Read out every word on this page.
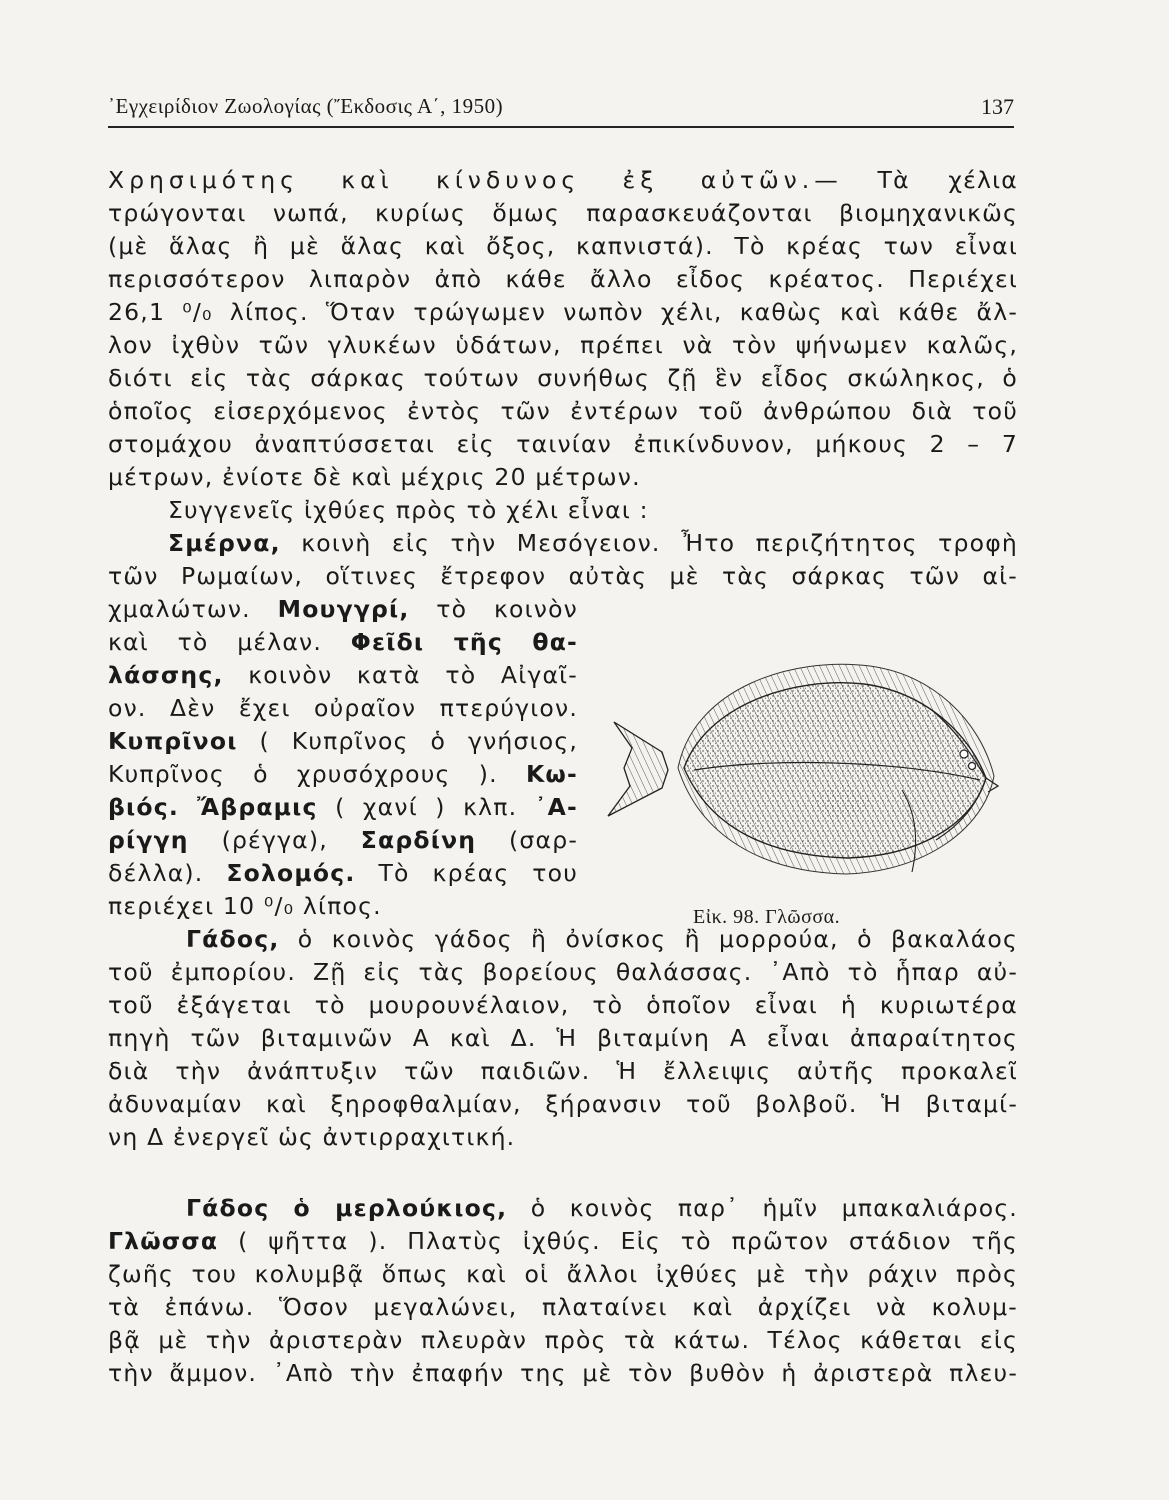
᾿Εγχειρίδιον Ζωολογίας (Ἔκδοσις Α΄, 1950)	137
Χρησιμότης καὶ κίνδυνος ἐξ αὐτῶν.— Τὰ χέλια
τρώγονται νωπά, κυρίως ὅμως παρασκευάζονται βιομηχανικῶς
(μὲ ἅλας ἢ μὲ ἅλας καὶ ὄξος, καπνιστά). Τὸ κρέας των εἶναι
περισσότερον λιπαρὸν ἀπὸ κάθε ἄλλο εἶδος κρέατος. Περιέχει
26,1 ⁰/₀ λίπος. Ὅταν τρώγωμεν νωπὸν χέλι, καθὼς καὶ κάθε ἄλ-
λον ἰχθὺν τῶν γλυκέων ὑδάτων, πρέπει νὰ τὸν ψήνωμεν καλῶς,
διότι εἰς τὰς σάρκας τούτων συνήθως ζῇ ἓν εἶδος σκώληκος, ὁ
ὁποῖος εἰσερχόμενος ἐντὸς τῶν ἐντέρων τοῦ ἀνθρώπου διὰ τοῦ
στομάχου ἀναπτύσσεται εἰς ταινίαν ἐπικίνδυνον, μήκους 2 – 7
μέτρων, ἐνίοτε δὲ καὶ μέχρις 20 μέτρων.
Συγγενεῖς ἰχθύες πρὸς τὸ χέλι εἶναι :
Σμέρνα, κοινὴ εἰς τὴν Μεσόγειον. Ἦτο περιζήτητος τροφὴ
τῶν Ρωμαίων, οἵτινες ἔτρεφον αὐτὰς μὲ τὰς σάρκας τῶν αἰ-
χμαλώτων. Μουγγρί, τὸ κοινὸν
καὶ τὸ μέλαν. Φεῖδι τῆς θα-
λάσσης, κοινὸν κατὰ τὸ Αἰγαῖ-
ον. Δὲν ἔχει οὐραῖον πτερύγιον.
Κυπρῖνοι ( Κυπρῖνος ὁ γνήσιος,
Κυπρῖνος ὁ χρυσόχρους ). Κω-
βιός. Ἄβραμις ( χανί ) κλπ. ᾿Α-
ρίγγη (ρέγγα), Σαρδίνη (σαρ-
δέλλα). Σολομός. Τὸ κρέας του
περιέχει 10 ⁰/₀ λίπος.
Γάδος, ὁ κοινὸς γάδος ἢ ὀνίσκος ἢ μορρούα, ὁ βακαλάος
τοῦ ἐμπορίου. Ζῇ εἰς τὰς βορείους θαλάσσας. ᾿Απὸ τὸ ἧπαρ αὐ-
τοῦ ἐξάγεται τὸ μουρουνέλαιον, τὸ ὁποῖον εἶναι ἡ κυριωτέρα
πηγὴ τῶν βιταμινῶν Α καὶ Δ. Ἡ βιταμίνη Α εἶναι ἀπαραίτητος
διὰ τὴν ἀνάπτυξιν τῶν παιδιῶν. Ἡ ἔλλειψις αὐτῆς προκαλεῖ
ἀδυναμίαν καὶ ξηροφθαλμίαν, ξήρανσιν τοῦ βολβοῦ. Ἡ βιταμί-
νη Δ ἐνεργεῖ ὡς ἀντιρραχιτική.
Γάδος ὁ μερλούκιος, ὁ κοινὸς παρ᾿ ἡμῖν μπακαλιάρος.
Γλῶσσα ( ψῆττα ). Πλατὺς ἰχθύς. Εἰς τὸ πρῶτον στάδιον τῆς
ζωῆς του κολυμβᾷ ὅπως καὶ οἱ ἄλλοι ἰχθύες μὲ τὴν ράχιν πρὸς
τὰ ἐπάνω. Ὅσον μεγαλώνει, πλαταίνει καὶ ἀρχίζει νὰ κολυμ-
βᾷ μὲ τὴν ἀριστερὰν πλευρὰν πρὸς τὰ κάτω. Τέλος κάθεται εἰς
τὴν ἄμμον. ᾿Απὸ τὴν ἐπαφήν της μὲ τὸν βυθὸν ἡ ἀριστερὰ πλευ-
Εἰκ. 98. Γλῶσσα.
